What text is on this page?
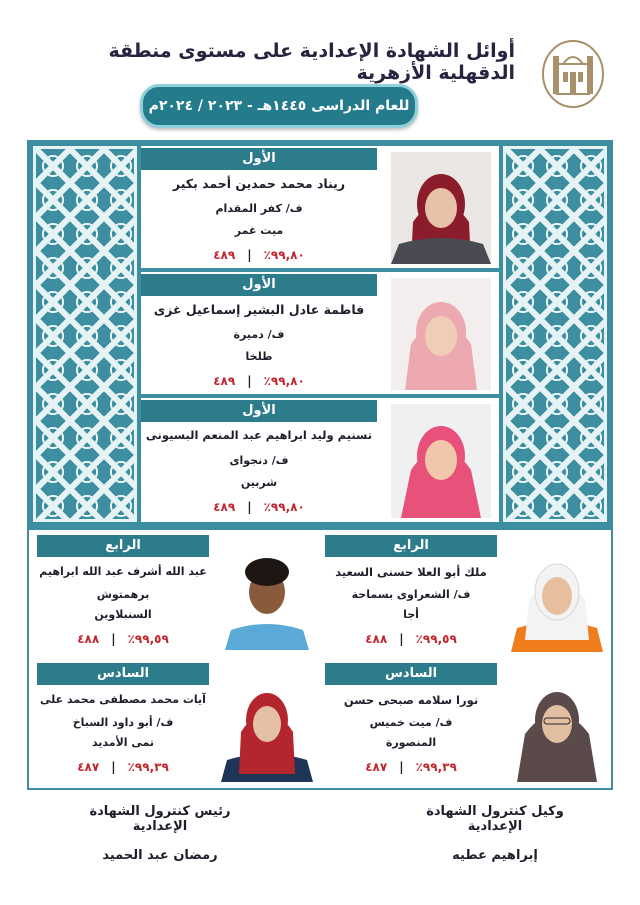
أوائل الشهادة الإعدادية على مستوى منطقة الدقهلية الأزهرية
للعام الدراسى ١٤٤٥هـ - ٢٠٢٣ / ٢٠٢٤م
الأول
ريناد محمد حمدين أحمد بكير
ف/ كفر المقدام
ميت غمر
٩٩,٨٠٪|٤٨٩
الأول
فاطمة عادل البشير إسماعيل غزى
ف/ دميرة
طلخا
٩٩,٨٠٪|٤٨٩
الأول
تسنيم وليد ابراهيم عبد المنعم البسيونى
ف/ دنجواى
شربين
٩٩,٨٠٪|٤٨٩
الرابع
ملك أبو العلا حسنى السعيد
ف/ الشعراوى بسماحة
أجا
٩٩,٥٩٪|٤٨٨
الرابع
عبد الله أشرف عبد الله ابراهيم
برهمتوش
السنبلاوين
٩٩,٥٩٪|٤٨٨
السادس
نورا سلامه صبحى حسن
ف/ ميت خميس
المنصورة
٩٩,٣٩٪|٤٨٧
السادس
آيات محمد مصطفى محمد على
ف/ أبو داود السباخ
تمى الأمديد
٩٩,٣٩٪|٤٨٧
رئيس كنترول الشهادة الإعدادية
رمضان عبد الحميد
وكيل كنترول الشهادة الإعدادية
إبراهيم عطيه
